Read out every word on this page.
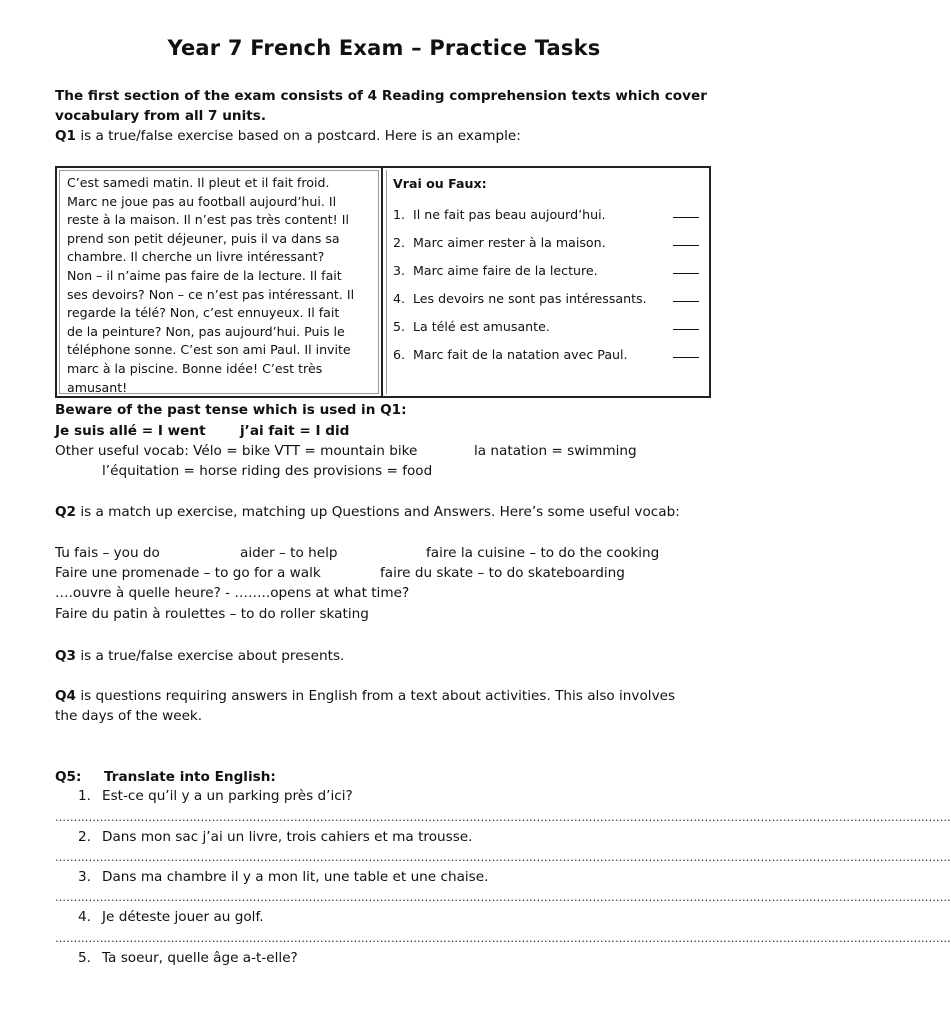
Year 7 French Exam – Practice Tasks
The first section of the exam consists of 4 Reading comprehension texts which cover vocabulary from all 7 units.
Q1 is a true/false exercise based on a postcard. Here is an example:
C’est samedi matin. Il pleut et il fait froid.
Marc ne joue pas au football aujourd’hui. Il
reste à la maison. Il n’est pas très content! Il
prend son petit déjeuner, puis il va dans sa
chambre. Il cherche un livre intéressant?
Non – il n’aime pas faire de la lecture. Il fait
ses devoirs? Non – ce n’est pas intéressant. Il
regarde la télé? Non, c’est ennuyeux. Il fait
de la peinture? Non, pas aujourd’hui. Puis le
téléphone sonne. C’est son ami Paul. Il invite
marc à la piscine. Bonne idée! C’est très
amusant!
Vrai ou Faux:
1. Il ne fait pas beau aujourd’hui.
2. Marc aimer rester à la maison.
3. Marc aime faire de la lecture.
4. Les devoirs ne sont pas intéressants.
5. La télé est amusante.
6. Marc fait de la natation avec Paul.
Beware of the past tense which is used in Q1:
Je suis allé = I went	j’ai fait = I did
Other useful vocab: Vélo = bike VTT = mountain bike	la natation = swimming
l’équitation = horse riding des provisions = food
Q2 is a match up exercise, matching up Questions and Answers. Here’s some useful vocab:
Tu fais – you do	aider – to help	faire la cuisine – to do the cooking
Faire une promenade – to go for a walk	faire du skate – to do skateboarding
….ouvre à quelle heure? - ……..opens at what time?
Faire du patin à roulettes – to do roller skating
Q3 is a true/false exercise about presents.
Q4 is questions requiring answers in English from a text about activities. This also involves
the days of the week.
Q5: Translate into English:
1. Est-ce qu’il y a un parking près d’ici?
……………………………………………………………………………………………………………………………………………………………………………………………………………………
2. Dans mon sac j’ai un livre, trois cahiers et ma trousse.
……………………………………………………………………………………………………………………………………………………………………………………………………………………
3. Dans ma chambre il y a mon lit, une table et une chaise.
……………………………………………………………………………………………………………………………………………………………………………………………………………………
4. Je déteste jouer au golf.
……………………………………………………………………………………………………………………………………………………………………………………………………………………
5. Ta soeur, quelle âge a-t-elle?
